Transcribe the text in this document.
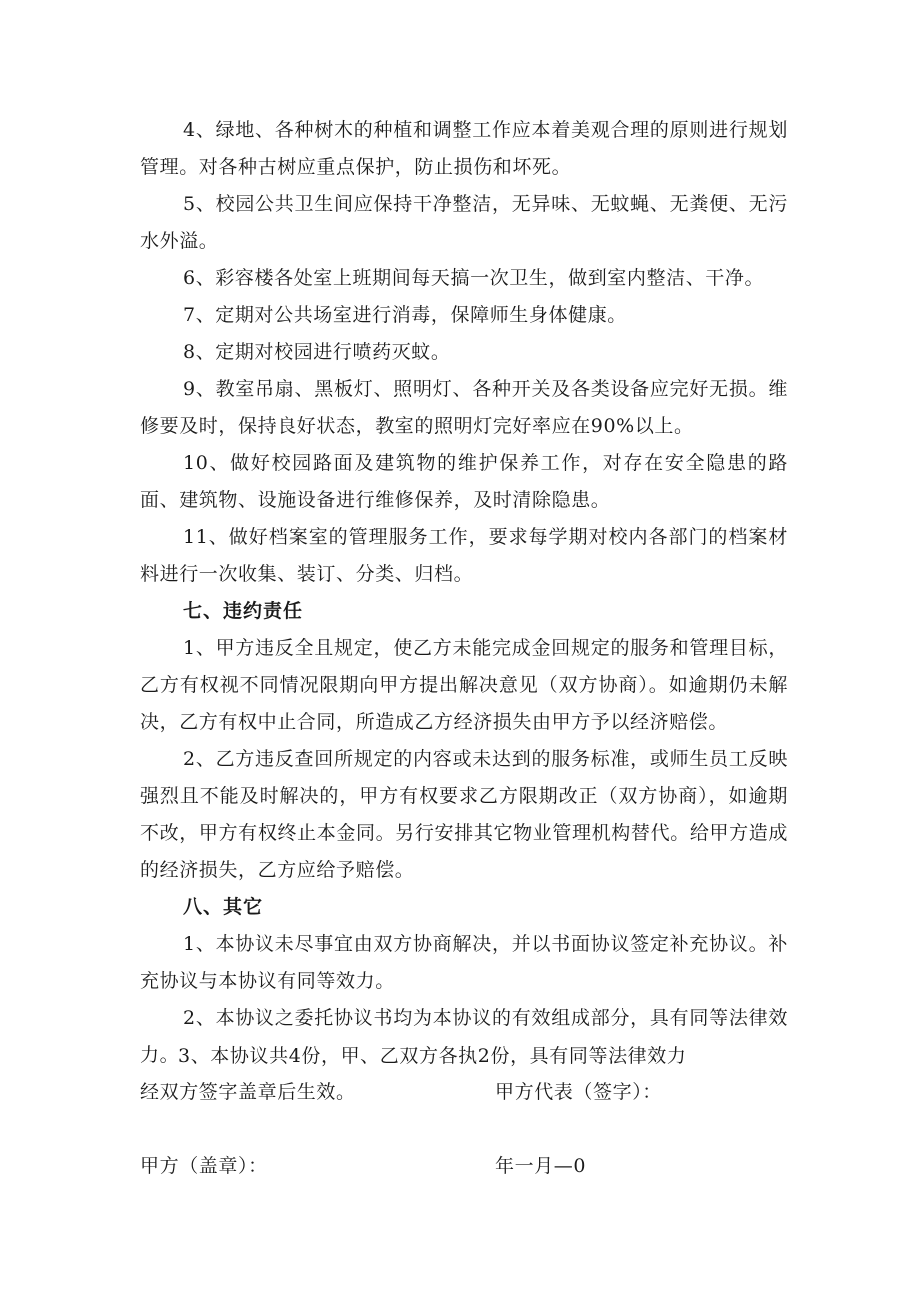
4、绿地、各种树木的种植和调整工作应本着美观合理的原则进行规划管理。对各种古树应重点保护，防止损伤和坏死。

5、校园公共卫生间应保持干净整洁，无异味、无蚊蝇、无粪便、无污水外溢。

6、彩容楼各处室上班期间每天搞一次卫生，做到室内整洁、干净。

7、定期对公共场室进行消毒，保障师生身体健康。

8、定期对校园进行喷药灭蚊。

9、教室吊扇、黑板灯、照明灯、各种开关及各类设备应完好无损。维修要及时，保持良好状态，教室的照明灯完好率应在90%以上。

10、做好校园路面及建筑物的维护保养工作，对存在安全隐患的路面、建筑物、设施设备进行维修保养，及时清除隐患。

11、做好档案室的管理服务工作，要求每学期对校内各部门的档案材料进行一次收集、装订、分类、归档。

七、违约责任

1、甲方违反全且规定，使乙方未能完成金回规定的服务和管理目标，乙方有权视不同情况限期向甲方提出解决意见（双方协商）。如逾期仍未解决，乙方有权中止合同，所造成乙方经济损失由甲方予以经济赔偿。

2、乙方违反查回所规定的内容或未达到的服务标准，或师生员工反映强烈且不能及时解决的，甲方有权要求乙方限期改正（双方协商），如逾期不改，甲方有权终止本金同。另行安排其它物业管理机构替代。给甲方造成的经济损失，乙方应给予赔偿。

八、其它

1、本协议未尽事宜由双方协商解决，并以书面协议签定补充协议。补充协议与本协议有同等效力。

2、本协议之委托协议书均为本协议的有效组成部分，具有同等法律效力。

3、本协议共4份，甲、乙双方各执2份，具有同等法律效力

经双方签字盖章后生效。	甲方代表（签字）：

甲方（盖章）：	年一月—0
